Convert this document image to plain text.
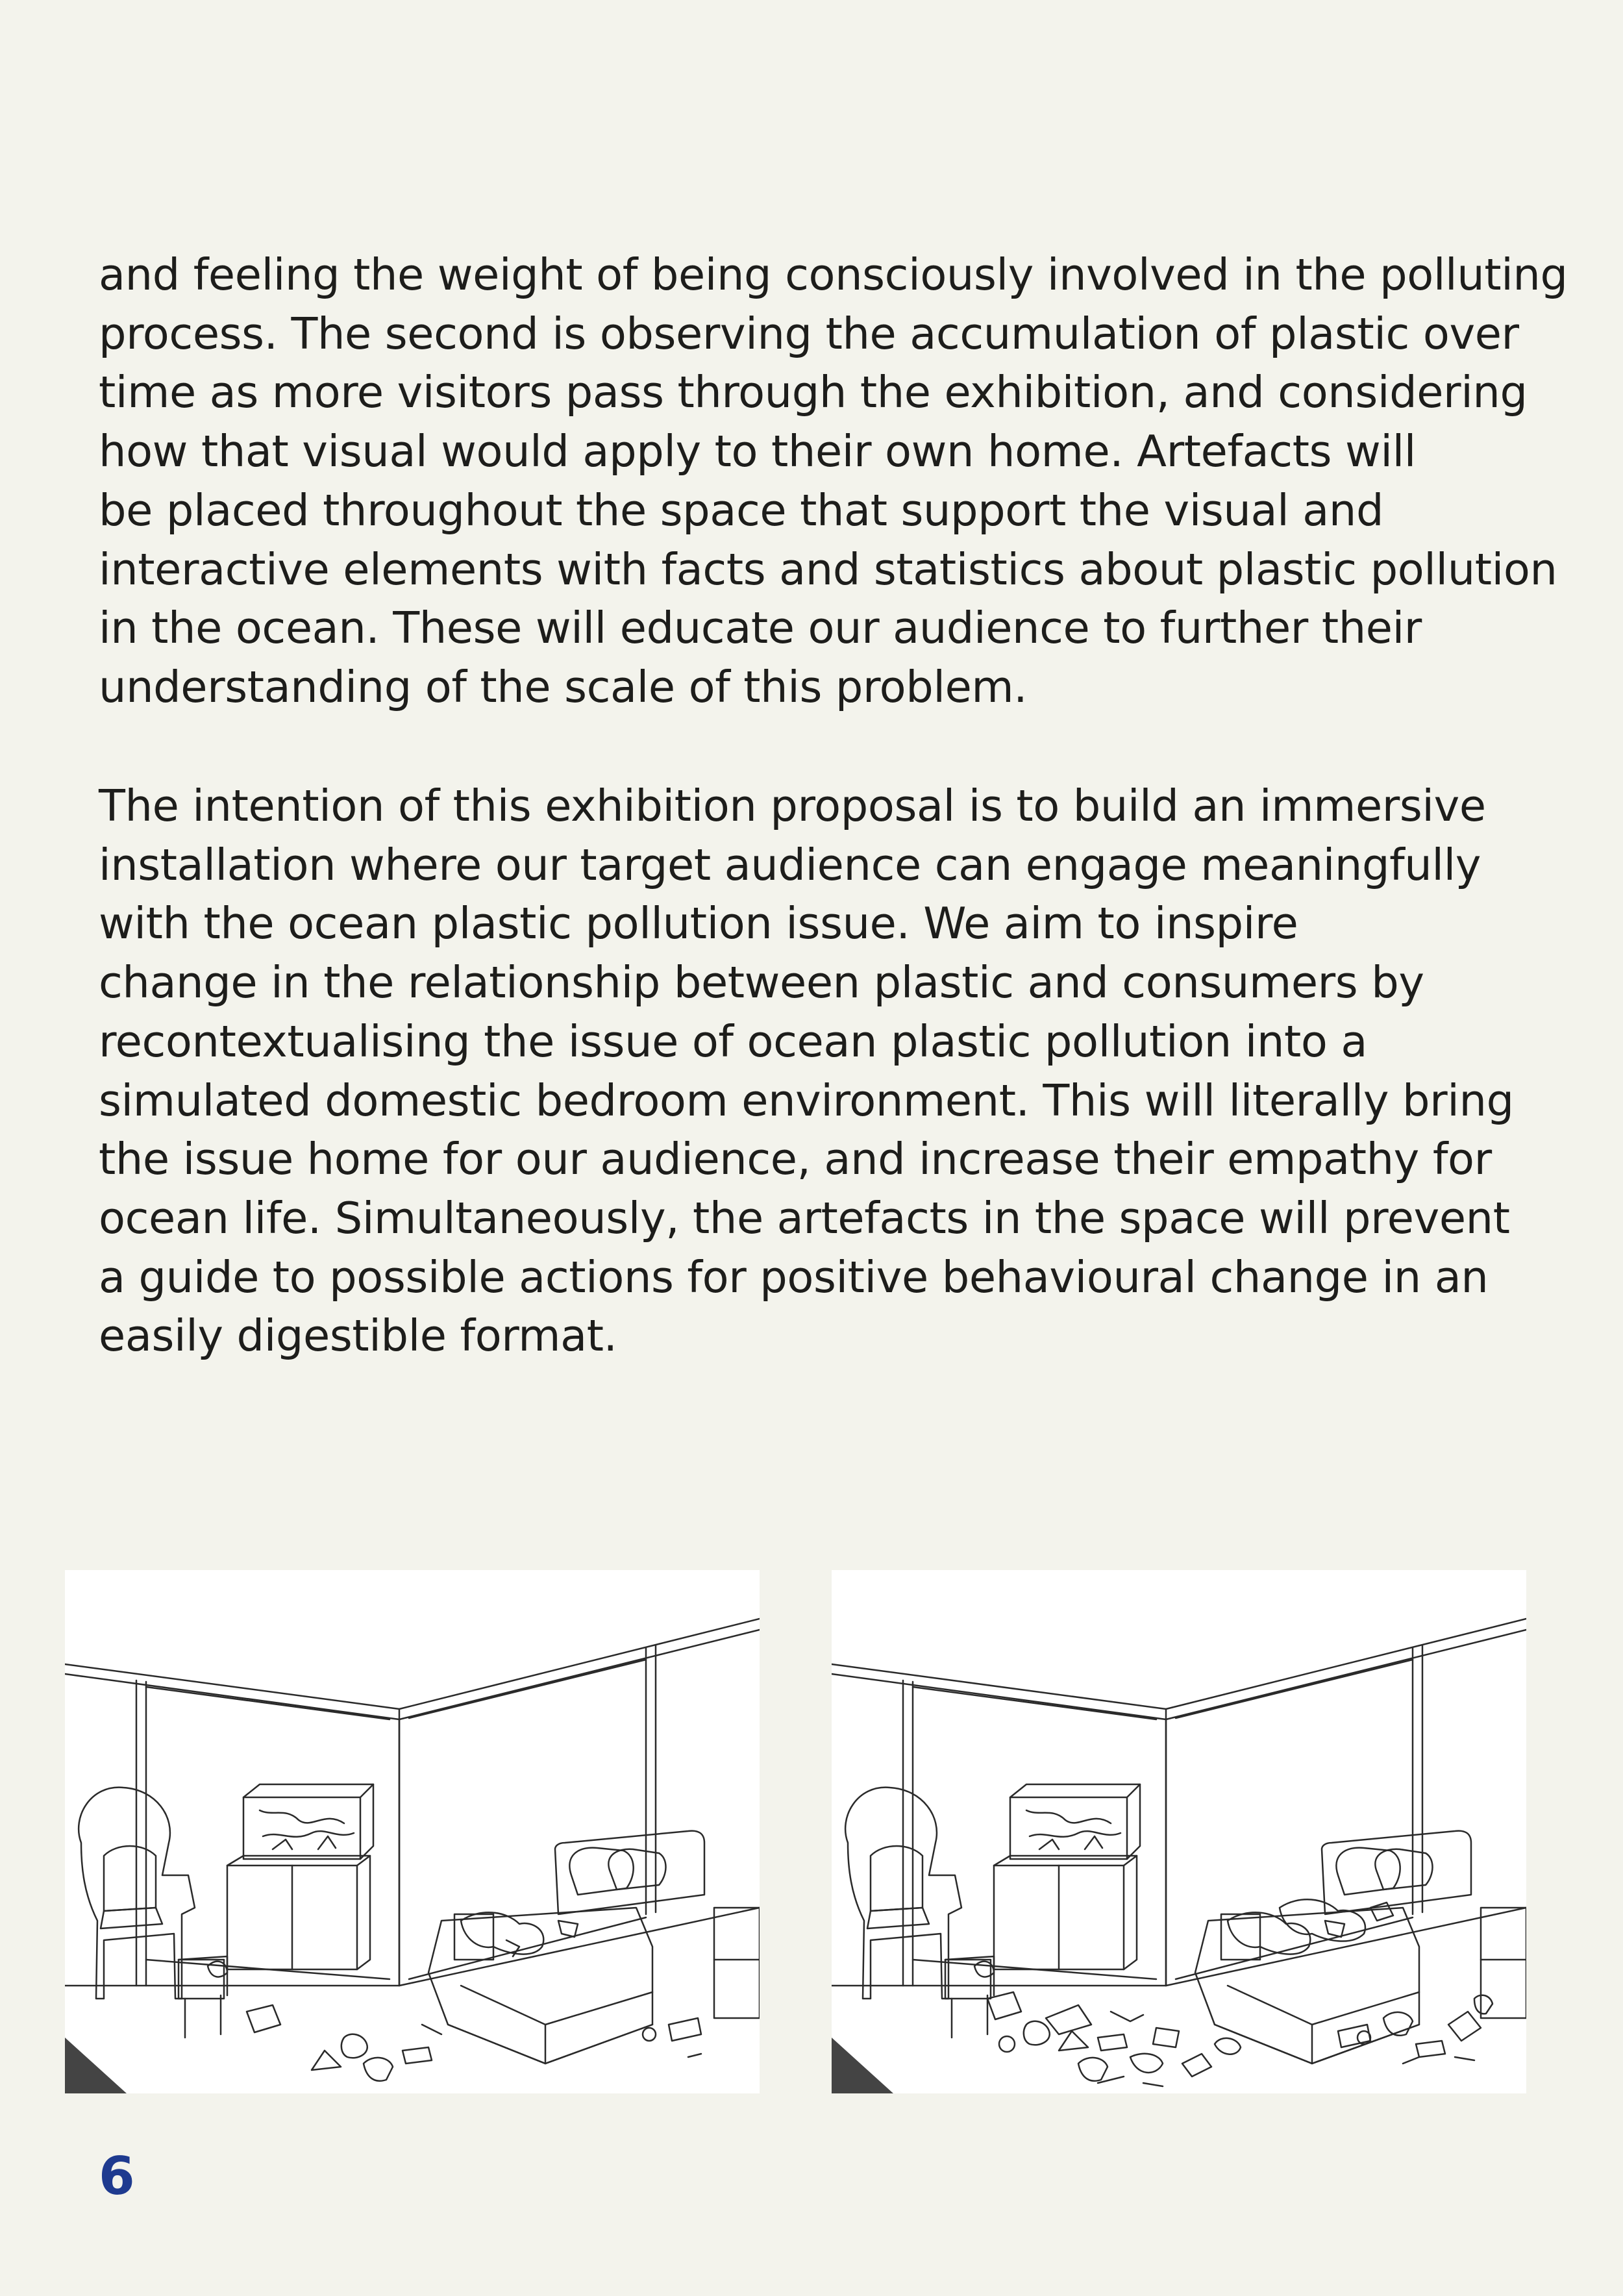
and feeling the weight of being consciously involved in the polluting
process. The second is observing the accumulation of plastic over
time as more visitors pass through the exhibition, and considering
how that visual would apply to their own home. Artefacts will
be placed throughout the space that support the visual and
interactive elements with facts and statistics about plastic pollution
in the ocean. These will educate our audience to further their
understanding of the scale of this problem.

The intention of this exhibition proposal is to build an immersive
installation where our target audience can engage meaningfully
with the ocean plastic pollution issue. We aim to inspire
change in the relationship between plastic and consumers by
recontextualising the issue of ocean plastic pollution into a
simulated domestic bedroom environment. This will literally bring
the issue home for our audience, and increase their empathy for
ocean life. Simultaneously, the artefacts in the space will prevent
a guide to possible actions for positive behavioural change in an
easily digestible format.

6
